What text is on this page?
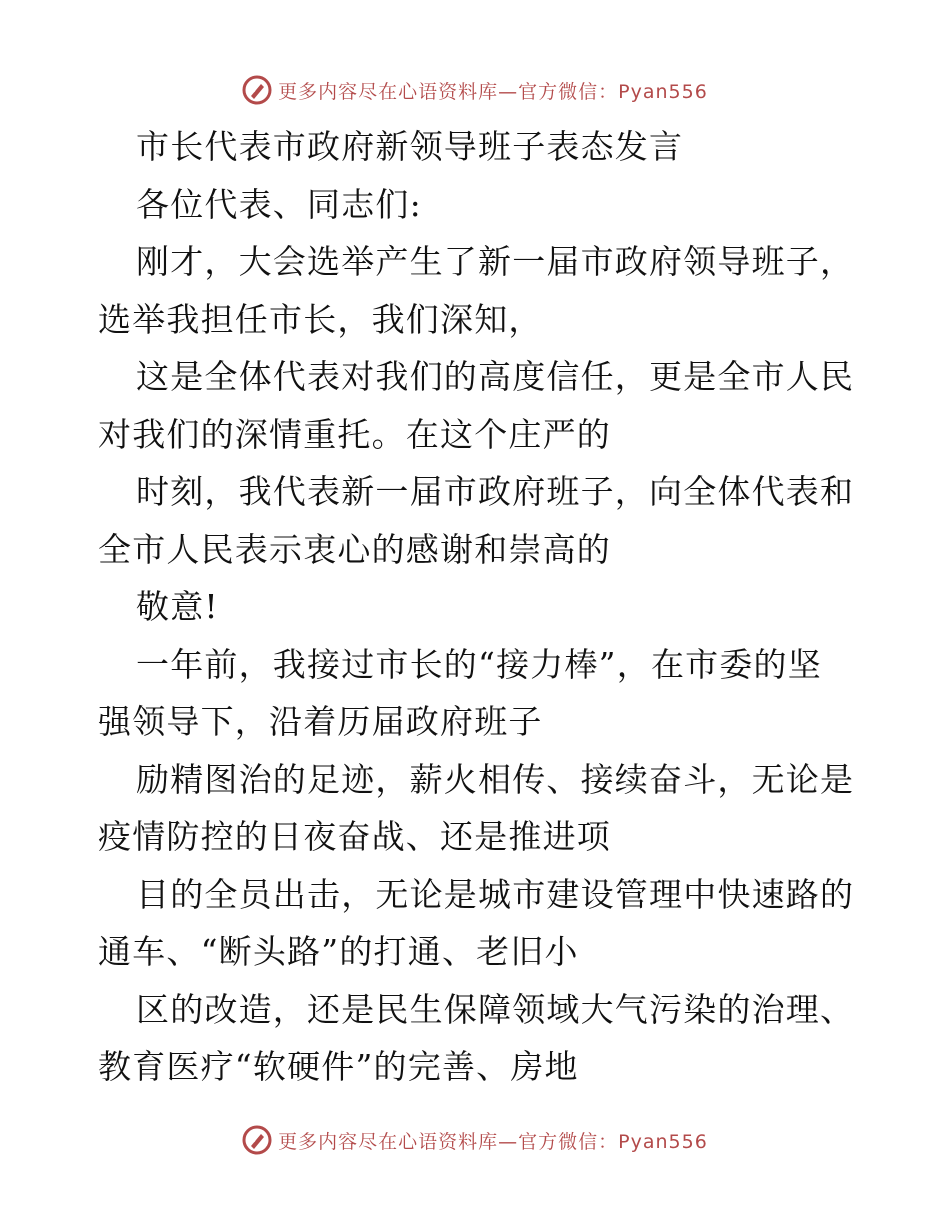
更多内容尽在心语资料库—官方微信：Pyan556

市长代表市政府新领导班子表态发言

各位代表、同志们:

刚才，大会选举产生了新一届市政府领导班子，
选举我担任市长，我们深知，

这是全体代表对我们的高度信任，更是全市人民
对我们的深情重托。在这个庄严的

时刻，我代表新一届市政府班子，向全体代表和
全市人民表示衷心的感谢和崇高的

敬意!

一年前，我接过市长的“接力棒”，在市委的坚
强领导下，沿着历届政府班子

励精图治的足迹，薪火相传、接续奋斗，无论是
疫情防控的日夜奋战、还是推进项

目的全员出击，无论是城市建设管理中快速路的
通车、“断头路”的打通、老旧小

区的改造，还是民生保障领域大气污染的治理、
教育医疗“软硬件”的完善、房地

更多内容尽在心语资料库—官方微信：Pyan556
